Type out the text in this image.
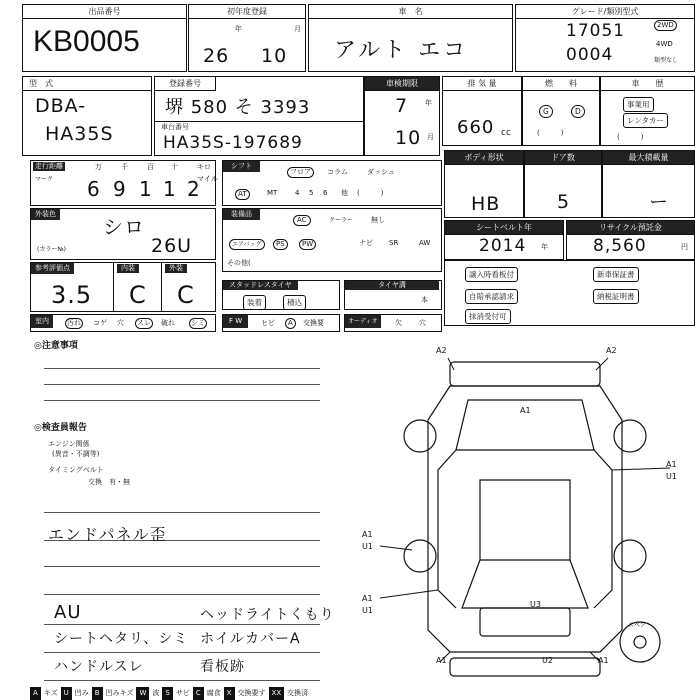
出品番号
KB0005
初年度登録
年	月
26 10
車　名
アルト エコ
グレード/類別型式
17051
0004
2WD
4WD
類型なし
型　式
DBA-
HA35S
登録番号
堺 580 そ 3393
車台番号
HA35S-197689
車検期限
7 年
10 月
排 気 量
660 cc
燃　　料
G	D
(　　　)
車　　歴
事業用
レンタカー
(　　　)
走行距離
マーク
万	千	百 十	キロ
マイル
6 9 1 1 2
シフト
フロア	コラム	ダッシュ
AT	MT	4 5 6 他 (　　　)
ボディ形状
HB
ドア数
5
最大積載量
ー
外装色
シロ
(カラー№)	26U
装備品
AC	クーラー	無し
エアバッグ	PS	PW	ナビ SR	AW
その他(
シートベルト年
2014 年
リサイクル預託金
8,560	円
譲入時看板付	新車保証書
自賠承認請求	納税証明書
抹消受付可
参考評価点	内装	外装
3.5 C C	スタッドレスタイヤ
装着	積込
タイヤ溝
本
室内	汚れ コゲ 穴 スレ 破れ シミ	F W	ヒビ	A	交換要	オーディオ	欠 穴
◎注意事項
◎検査員報告
エンジン関係
(異音・不調等)
タイミングベルト
交換　有・無
エンドパネル歪
AU	ヘッドライトくもり
シートヘタリ、シミ ホイルカバーA
ハンドルスレ	看板跡
A2	A2
A1
A1
U1
A1
U1
A1
U1
U3
A1	U2	A1
スペア
A キズ U 凹み B 凹みキズ W 波 S サビ C 腐食 X 交換要す XX 交換済
